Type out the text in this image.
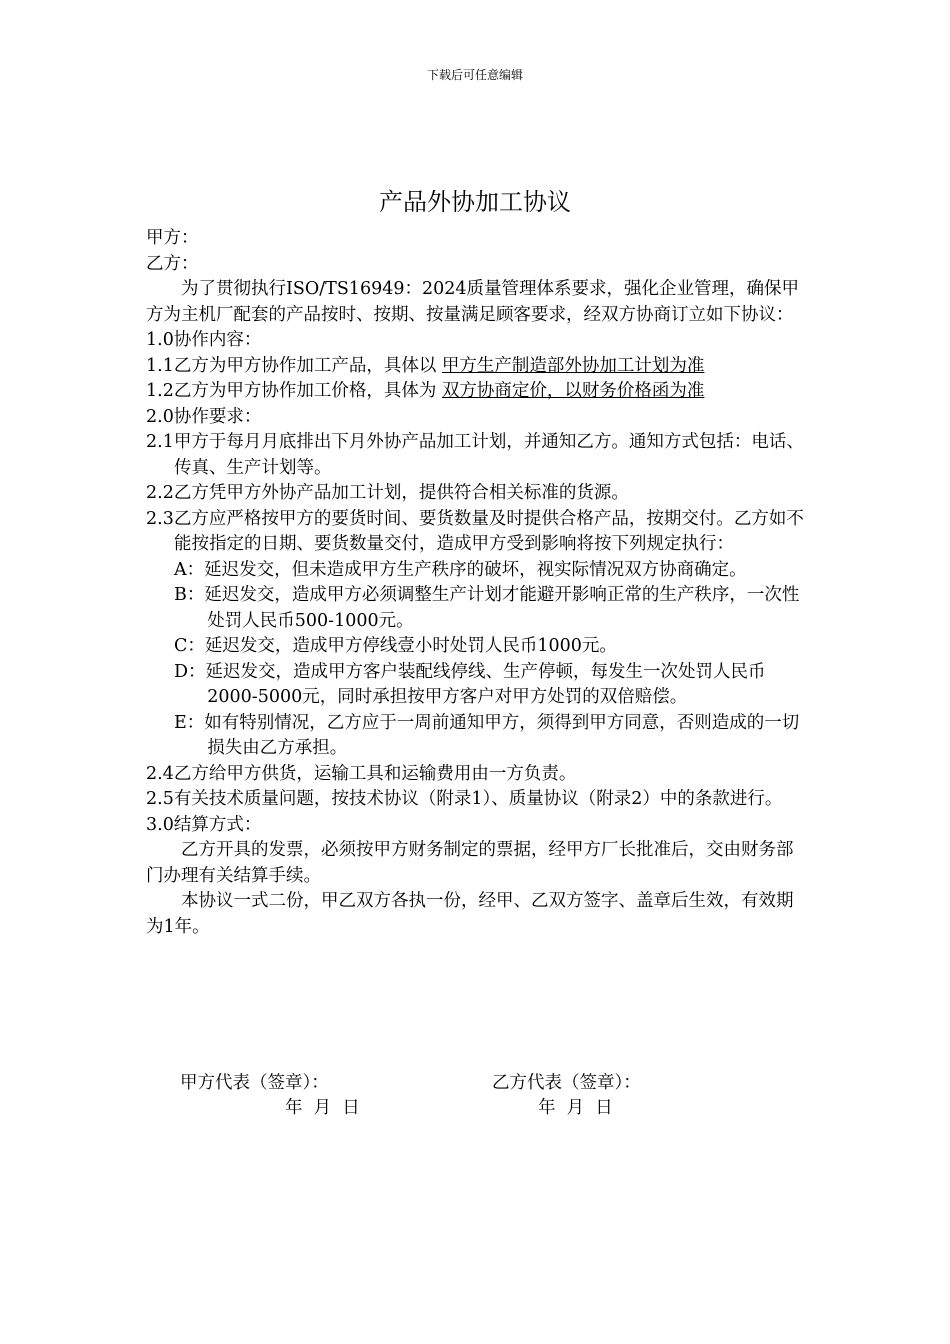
下载后可任意编辑
产品外协加工协议

甲方：

乙方：

为了贯彻执行ISO/TS16949：2024质量管理体系要求，强化企业管理，确保甲方为主机厂配套的产品按时、按期、按量满足顾客要求，经双方协商订立如下协议：

1.0协作内容：

1.1乙方为甲方协作加工产品，具体以 甲方生产制造部外协加工计划为准

1.2乙方为甲方协作加工价格，具体为 双方协商定价，以财务价格函为准

2.0协作要求：

2.1甲方于每月月底排出下月外协产品加工计划，并通知乙方。通知方式包括：电话、传真、生产计划等。

2.2乙方凭甲方外协产品加工计划，提供符合相关标准的货源。

2.3乙方应严格按甲方的要货时间、要货数量及时提供合格产品，按期交付。乙方如不能按指定的日期、要货数量交付，造成甲方受到影响将按下列规定执行：

A：延迟发交，但未造成甲方生产秩序的破坏，视实际情况双方协商确定。

B：延迟发交，造成甲方必须调整生产计划才能避开影响正常的生产秩序，一次性处罚人民币500-1000元。

C：延迟发交，造成甲方停线壹小时处罚人民币1000元。

D：延迟发交，造成甲方客户装配线停线、生产停顿，每发生一次处罚人民币2000-5000元，同时承担按甲方客户对甲方处罚的双倍赔偿。

E：如有特别情况，乙方应于一周前通知甲方，须得到甲方同意，否则造成的一切损失由乙方承担。

2.4乙方给甲方供货，运输工具和运输费用由一方负责。

2.5有关技术质量问题，按技术协议（附录1）、质量协议（附录2）中的条款进行。

3.0结算方式：

乙方开具的发票，必须按甲方财务制定的票据，经甲方厂长批准后，交由财务部门办理有关结算手续。

本协议一式二份，甲乙双方各执一份，经甲、乙双方签字、盖章后生效，有效期为1年。

甲方代表（签章）：	乙方代表（签章）：
年  月  日	年  月  日
